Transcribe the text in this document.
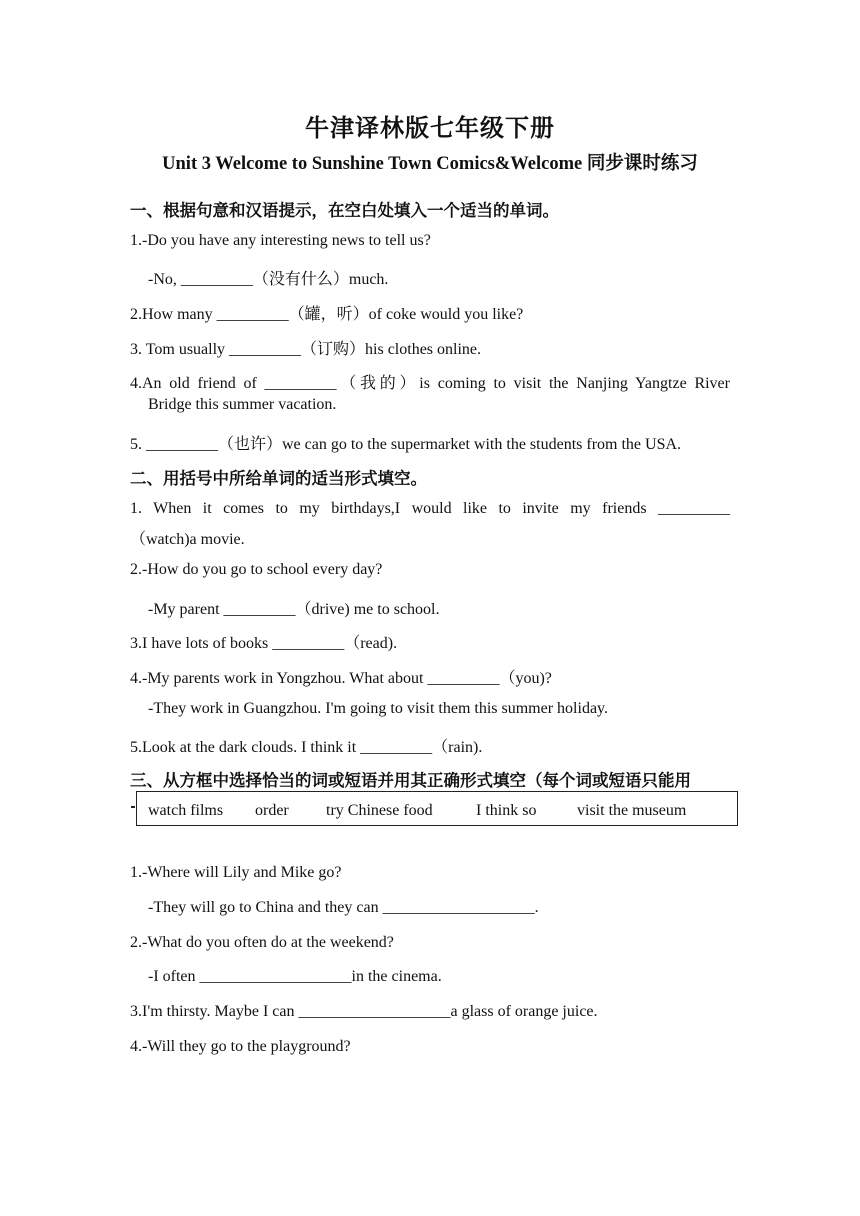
牛津译林版七年级下册
Unit 3 Welcome to Sunshine Town Comics&Welcome 同步课时练习
一、根据句意和汉语提示，在空白处填入一个适当的单词。
1.-Do you have any interesting news to tell us?
-No, _________（没有什么）much.
2.How many _________（罐，听）of coke would you like?
3. Tom usually _________（订购）his clothes online.
4.An old friend of _________（我的）is coming to visit the Nanjing Yangtze River
Bridge this summer vacation.
5. _________（也许）we can go to the supermarket with the students from the USA.
二、用括号中所给单词的适当形式填空。
1. When it comes to my birthdays,I would like to invite my friends _________
（watch)a movie.
2.-How do you go to school every day?
-My parent _________（drive) me to school.
3.I have lots of books _________（read).
4.-My parents work in Yongzhou. What about _________（you)?
-They work in Guangzhou. I'm going to visit them this summer holiday.
5.Look at the dark clouds. I think it _________（rain).
三、从方框中选择恰当的词或短语并用其正确形式填空（每个词或短语只能用
watch films order try Chinese food	I think so	visit the museum
1.-Where will Lily and Mike go?
-They will go to China and they can ___________________.
2.-What do you often do at the weekend?
-I often ___________________in the cinema.
3.I'm thirsty. Maybe I can ___________________a glass of orange juice.
4.-Will they go to the playground?
